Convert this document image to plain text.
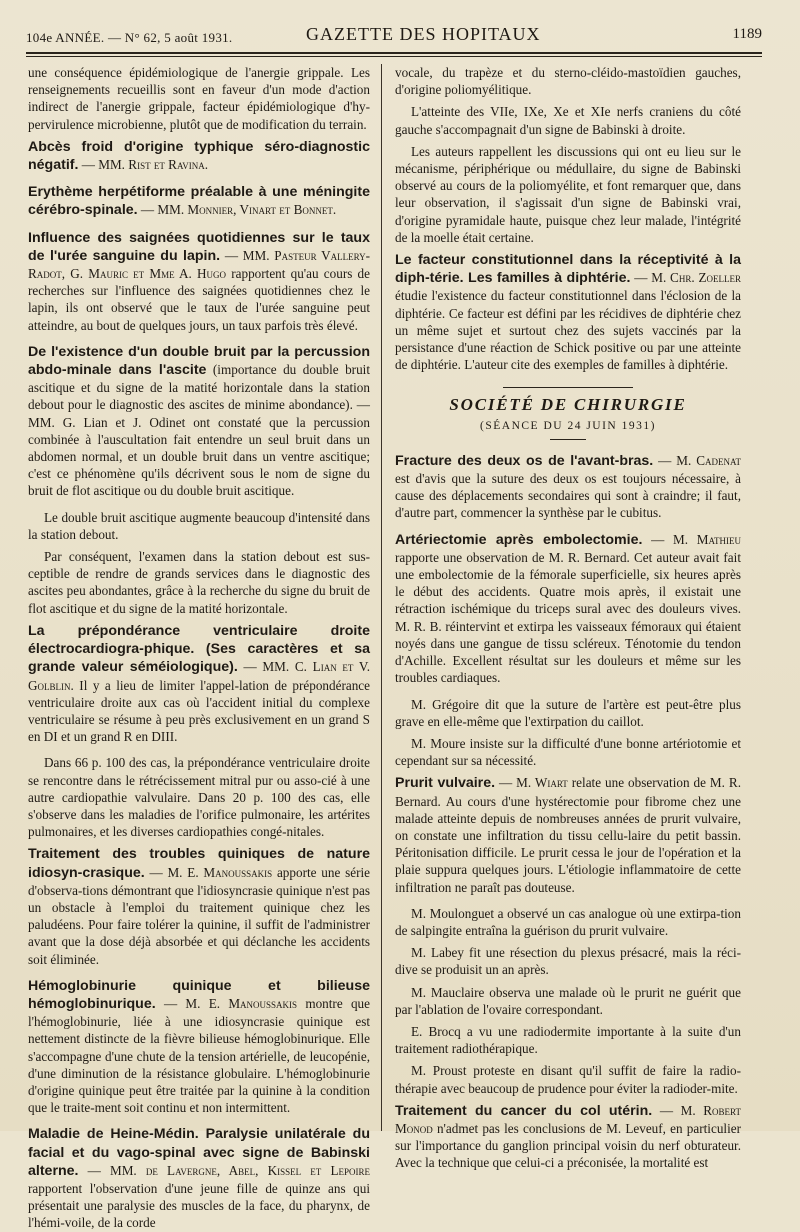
104e ANNÉE. — N° 62, 5 août 1931.	GAZETTE DES HOPITAUX	1189

une conséquence épidémiologique de l'anergie grippale. Les renseignements recueillis sont en faveur d'un mode d'action indirect de l'anergie grippale, facteur épidémiologique d'hy-pervirulence microbienne, plutôt que de modification du terrain.

Abcès froid d'origine typhique séro-diagnostic négatif. — MM. Rist et Ravina.

Erythème herpétiforme préalable à une méningite cérébro-spinale. — MM. Monnier, Vinart et Bonnet.

Influence des saignées quotidiennes sur le taux de l'urée sanguine du lapin. — MM. Pasteur Vallery-Radot, G. Mauric et Mme A. Hugo rapportent qu'au cours de recherches sur l'influence des saignées quotidiennes chez le lapin, ils ont observé que le taux de l'urée sanguine peut atteindre, au bout de quelques jours, un taux parfois très élevé.

De l'existence d'un double bruit par la percussion abdo-minale dans l'ascite (importance du double bruit ascitique et du signe de la matité horizontale dans la station debout pour le diagnostic des ascites de minime abondance). — MM. G. Lian et J. Odinet ont constaté que la percussion combinée à l'auscultation fait entendre un seul bruit dans un abdomen normal, et un double bruit dans un ventre ascitique; c'est ce phénomène qu'ils décrivent sous le nom de signe du bruit de flot ascitique ou du double bruit ascitique.

Le double bruit ascitique augmente beaucoup d'intensité dans la station debout.

Par conséquent, l'examen dans la station debout est sus-ceptible de rendre de grands services dans le diagnostic des ascites peu abondantes, grâce à la recherche du signe du bruit de flot ascitique et du signe de la matité horizontale.

La prépondérance ventriculaire droite électrocardiogra-phique. (Ses caractères et sa grande valeur séméiologique). — MM. C. Lian et V. Golblin. Il y a lieu de limiter l'appel-lation de prépondérance ventriculaire droite aux cas où l'accident initial du complexe ventriculaire se résume à peu près exclusivement en un grand S en DI et un grand R en DIII.

Dans 66 p. 100 des cas, la prépondérance ventriculaire droite se rencontre dans le rétrécissement mitral pur ou asso-cié à une autre cardiopathie valvulaire. Dans 20 p. 100 des cas, elle s'observe dans les maladies de l'orifice pulmonaire, les artérites pulmonaires, et les diverses cardiopathies congé-nitales.

Traitement des troubles quiniques de nature idiosyn-crasique. — M. E. Manoussakis apporte une série d'observa-tions démontrant que l'idiosyncrasie quinique n'est pas un obstacle à l'emploi du traitement quinique chez les paludéens. Pour faire tolérer la quinine, il suffit de l'administrer avant que la dose déjà absorbée et qui déclanche les accidents soit éliminée.

Hémoglobinurie quinique et bilieuse hémoglobinurique. — M. E. Manoussakis montre que l'hémoglobinurie, liée à une idiosyncrasie quinique est nettement distincte de la fièvre bilieuse hémoglobinurique. Elle s'accompagne d'une chute de la tension artérielle, de leucopénie, d'une diminution de la résistance globulaire. L'hémoglobinurie d'origine quinique peut être traitée par la quinine à la condition que le traite-ment soit continu et non intermittent.

Maladie de Heine-Médin. Paralysie unilatérale du facial et du vago-spinal avec signe de Babinski alterne. — MM. de Lavergne, Abel, Kissel et Lepoire rapportent l'observation d'une jeune fille de quinze ans qui présentait une paralysie des muscles de la face, du pharynx, de l'hémi-voile, de la corde

vocale, du trapèze et du sterno-cléido-mastoïdien gauches, d'origine poliomyélitique.

L'atteinte des VIIe, IXe, Xe et XIe nerfs craniens du côté gauche s'accompagnait d'un signe de Babinski à droite.

Les auteurs rappellent les discussions qui ont eu lieu sur le mécanisme, périphérique ou médullaire, du signe de Babinski observé au cours de la poliomyélite, et font remarquer que, dans leur observation, il s'agissait d'un signe de Babinski vrai, d'origine pyramidale haute, puisque chez leur malade, l'intégrité de la moelle était certaine.

Le facteur constitutionnel dans la réceptivité à la diph-térie. Les familles à diphtérie. — M. Chr. Zoeller étudie l'existence du facteur constitutionnel dans l'éclosion de la diphtérie. Ce facteur est défini par les récidives de diphtérie chez un même sujet et surtout chez des sujets vaccinés par la persistance d'une réaction de Schick positive ou par une atteinte de diphtérie. L'auteur cite des exemples de familles à diphtérie.

SOCIÉTÉ DE CHIRURGIE
(SÉANCE DU 24 JUIN 1931)

Fracture des deux os de l'avant-bras. — M. Cadenat est d'avis que la suture des deux os est toujours nécessaire, à cause des déplacements secondaires qui sont à craindre; il faut, d'autre part, commencer la synthèse par le cubitus.

Artériectomie après embolectomie. — M. Mathieu rapporte une observation de M. R. Bernard. Cet auteur avait fait une embolectomie de la fémorale superficielle, six heures après le début des accidents. Quatre mois après, il existait une rétraction ischémique du triceps sural avec des douleurs vives. M. R. B. réintervint et extirpa les vaisseaux fémoraux qui étaient noyés dans une gangue de tissu scléreux. Ténotomie du tendon d'Achille. Excellent résultat sur les douleurs et même sur les troubles cardiaques.

M. Grégoire dit que la suture de l'artère est peut-être plus grave en elle-même que l'extirpation du caillot.

M. Moure insiste sur la difficulté d'une bonne artériotomie et cependant sur sa nécessité.

Prurit vulvaire. — M. Wiart relate une observation de M. R. Bernard. Au cours d'une hystérectomie pour fibrome chez une malade atteinte depuis de nombreuses années de prurit vulvaire, on constate une infiltration du tissu cellu-laire du petit bassin. Péritonisation difficile. Le prurit cessa le jour de l'opération et la plaie suppura quelques jours. L'étiologie inflammatoire de cette infiltration ne paraît pas douteuse.

M. Moulonguet a observé un cas analogue où une extirpa-tion de salpingite entraîna la guérison du prurit vulvaire.

M. Labey fit une résection du plexus présacré, mais la réci-dive se produisit un an après.

M. Mauclaire observa une malade où le prurit ne guérit que par l'ablation de l'ovaire correspondant.

E. Brocq a vu une radiodermite importante à la suite d'un traitement radiothérapique.

M. Proust proteste en disant qu'il suffit de faire la radio-thérapie avec beaucoup de prudence pour éviter la radioder-mite.

Traitement du cancer du col utérin. — M. Robert Monod n'admet pas les conclusions de M. Leveuf, en particulier sur l'importance du ganglion principal voisin du nerf obturateur. Avec la technique que celui-ci a préconisée, la mortalité est
